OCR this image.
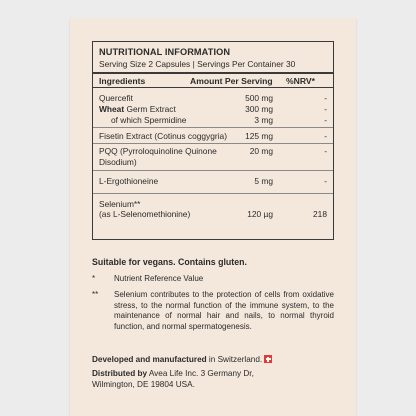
NUTRITIONAL INFORMATION
Serving Size 2 Capsules | Servings Per Container 30
Ingredients	Amount Per Serving %NRV*
Quercefit	500 mg	-
Wheat Germ Extract	300 mg	-
of which Spermidine	3 mg	-
Fisetin Extract (Cotinus coggygria) 125 mg	-
PQQ (Pyrroloquinoline Quinone	20 mg	-
Disodium)
L-Ergothioneine	5 mg	-
Selenium**
(as L-Selenomethionine)	120 µg	218
Suitable for vegans. Contains gluten.
* Nutrient Reference Value
** Selenium contributes to the protection of cells from oxidative stress, to the normal function of the immune system, to the maintenance of normal hair and nails, to normal thyroid function, and normal spermatogenesis.
Developed and manufactured in Switzerland.
Distributed by Avea Life Inc. 3 Germany Dr,
Wilmington, DE 19804 USA.
